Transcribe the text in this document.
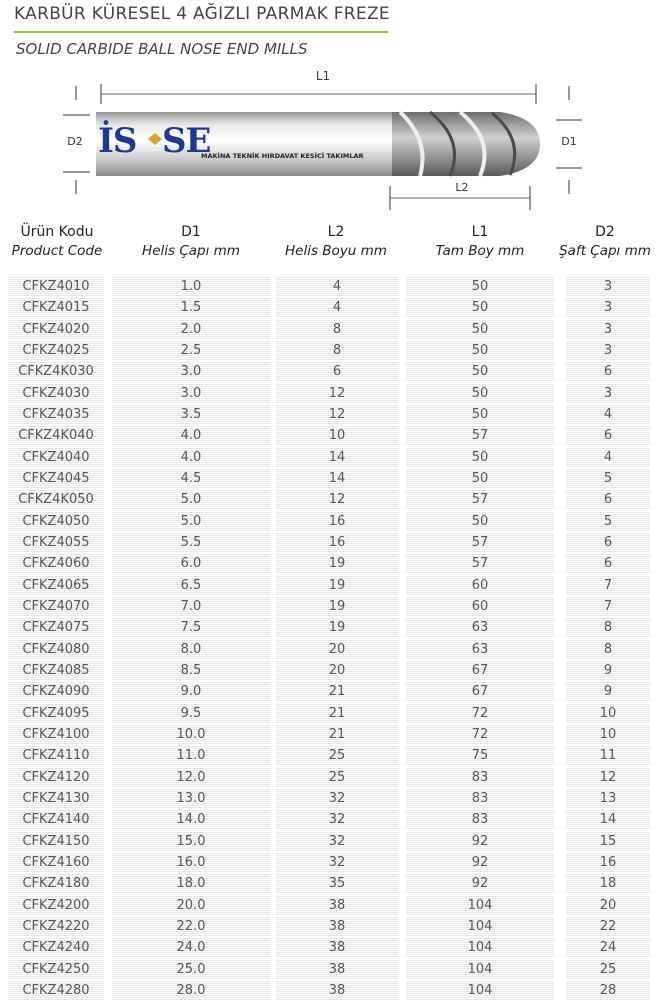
KARBÜR KÜRESEL 4 AĞIZLI PARMAK FREZE
SOLID CARBIDE BALL NOSE END MILLS
L1
D2	D1
L2
İS SE
MAKİNA TEKNİK HIRDAVAT KESİCİ TAKIMLAR
Ürün Kodu
Product Code
D1
Helis Çapı mm
L2
Helis Boyu mm
L1
Tam Boy mm
D2
Şaft Çapı mm
CFKZ4010	1.0	4	50	3
CFKZ4015	1.5	4	50	3
CFKZ4020	2.0	8	50	3
CFKZ4025	2.5	8	50	3
CFKZ4K030	3.0	6	50	6
CFKZ4030	3.0	12	50	3
CFKZ4035	3.5	12	50	4
CFKZ4K040	4.0	10	57	6
CFKZ4040	4.0	14	50	4
CFKZ4045	4.5	14	50	5
CFKZ4K050	5.0	12	57	6
CFKZ4050	5.0	16	50	5
CFKZ4055	5.5	16	57	6
CFKZ4060	6.0	19	57	6
CFKZ4065	6.5	19	60	7
CFKZ4070	7.0	19	60	7
CFKZ4075	7.5	19	63	8
CFKZ4080	8.0	20	63	8
CFKZ4085	8.5	20	67	9
CFKZ4090	9.0	21	67	9
CFKZ4095	9.5	21	72	10
CFKZ4100	10.0	21	72	10
CFKZ4110	11.0	25	75	11
CFKZ4120	12.0	25	83	12
CFKZ4130	13.0	32	83	13
CFKZ4140	14.0	32	83	14
CFKZ4150	15.0	32	92	15
CFKZ4160	16.0	32	92	16
CFKZ4180	18.0	35	92	18
CFKZ4200	20.0	38	104	20
CFKZ4220	22.0	38	104	22
CFKZ4240	24.0	38	104	24
CFKZ4250	25.0	38	104	25
CFKZ4280	28.0	38	104	28
